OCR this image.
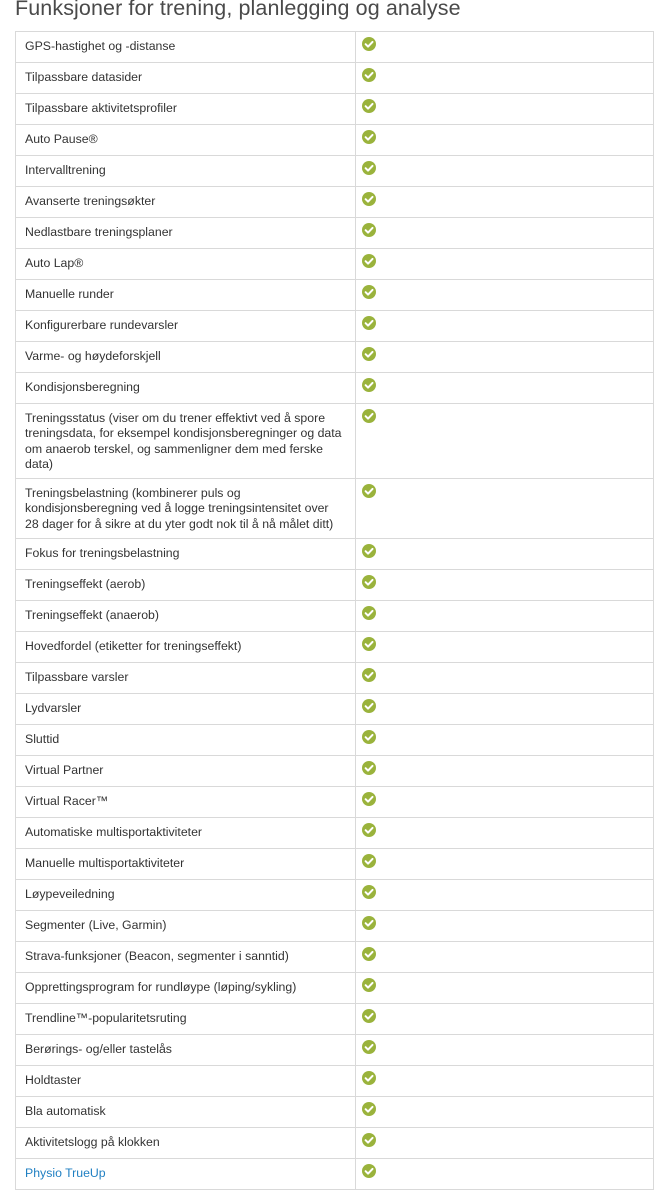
Funksjoner for trening, planlegging og analyse
GPS-hastighet og -distanse	

Tilpassbare datasider	

Tilpassbare aktivitetsprofiler	

Auto Pause®	

Intervalltrening	

Avanserte treningsøkter	

Nedlastbare treningsplaner	

Auto Lap®	

Manuelle runder	

Konfigurerbare rundevarsler	

Varme- og høydeforskjell	

Kondisjonsberegning	

Treningsstatus (viser om du trener effektivt ved å spore treningsdata, for eksempel kondisjonsberegninger og data om anaerob terskel, og sammenligner dem med ferske data)	

Treningsbelastning (kombinerer puls og kondisjonsberegning ved å logge treningsintensitet over 28 dager for å sikre at du yter godt nok til å nå målet ditt)	

Fokus for treningsbelastning	

Treningseffekt (aerob)	

Treningseffekt (anaerob)	

Hovedfordel (etiketter for treningseffekt)	

Tilpassbare varsler	

Lydvarsler	

Sluttid	

Virtual Partner	

Virtual Racer™	

Automatiske multisportaktiviteter	

Manuelle multisportaktiviteter	

Løypeveiledning	

Segmenter (Live, Garmin)	

Strava-funksjoner (Beacon, segmenter i sanntid)	

Opprettingsprogram for rundløype (løping/sykling)	

Trendline™-popularitetsruting	

Berørings- og/eller tastelås	

Holdtaster	

Bla automatisk	

Aktivitetslogg på klokken	

Physio TrueUp	
